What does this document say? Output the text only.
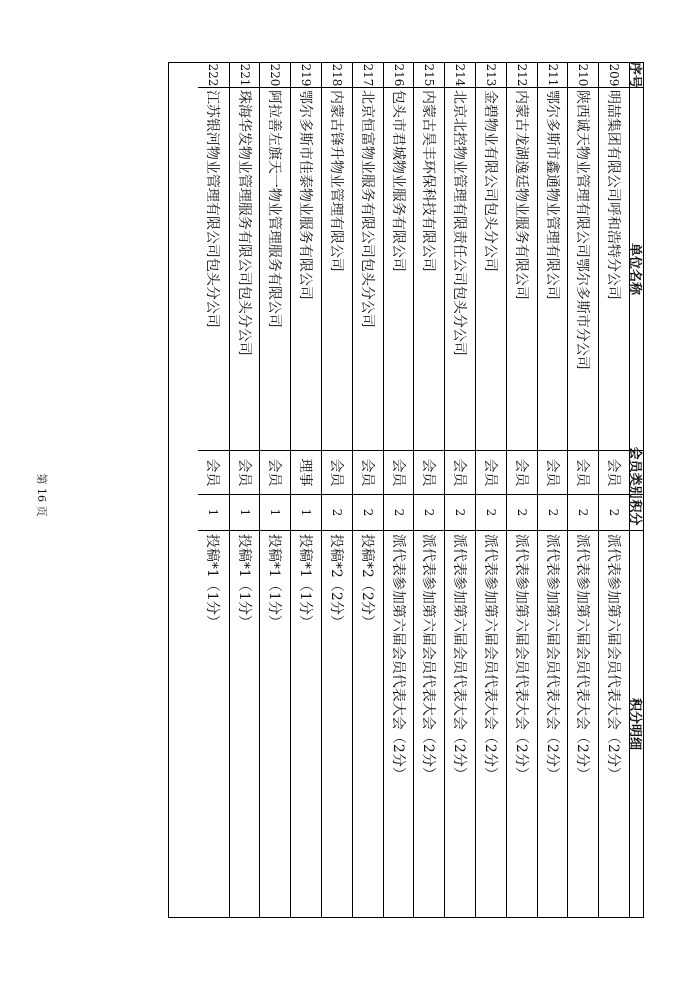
序号
单位名称
会员类别
积分
积分明细
209
明喆集团有限公司呼和浩特分公司
会员
2
派代表参加第六届会员代表大会（2分）
210
陕西诚天物业管理有限公司鄂尔多斯市分公司
会员
2
派代表参加第六届会员代表大会（2分）
211
鄂尔多斯市鑫通物业管理有限公司
会员
2
派代表参加第六届会员代表大会（2分）
212
内蒙古龙湖逸廷物业服务有限公司
会员
2
派代表参加第六届会员代表大会（2分）
213
金碧物业有限公司包头分公司
会员
2
派代表参加第六届会员代表大会（2分）
214
北京北控物业管理有限责任公司包头分公司
会员
2
派代表参加第六届会员代表大会（2分）
215
内蒙古昊丰环保科技有限公司
会员
2
派代表参加第六届会员代表大会（2分）
216
包头市君城物业服务有限公司
会员
2
派代表参加第六届会员代表大会（2分）
217
北京恒富物业服务有限公司包头分公司
会员
2
投稿*2（2分）
218
内蒙古锋升物业管理有限公司
会员
2
投稿*2（2分）
219
鄂尔多斯市佳泰物业服务有限公司
理事
1
投稿*1（1分）
220
阿拉善左旗天一物业管理服务有限公司
会员
1
投稿*1（1分）
221
珠海华发物业管理服务有限公司包头分公司
会员
1
投稿*1（1分）
222
江苏银河物业管理有限公司包头分公司
会员
1
投稿*1（1分）
第 16 页
